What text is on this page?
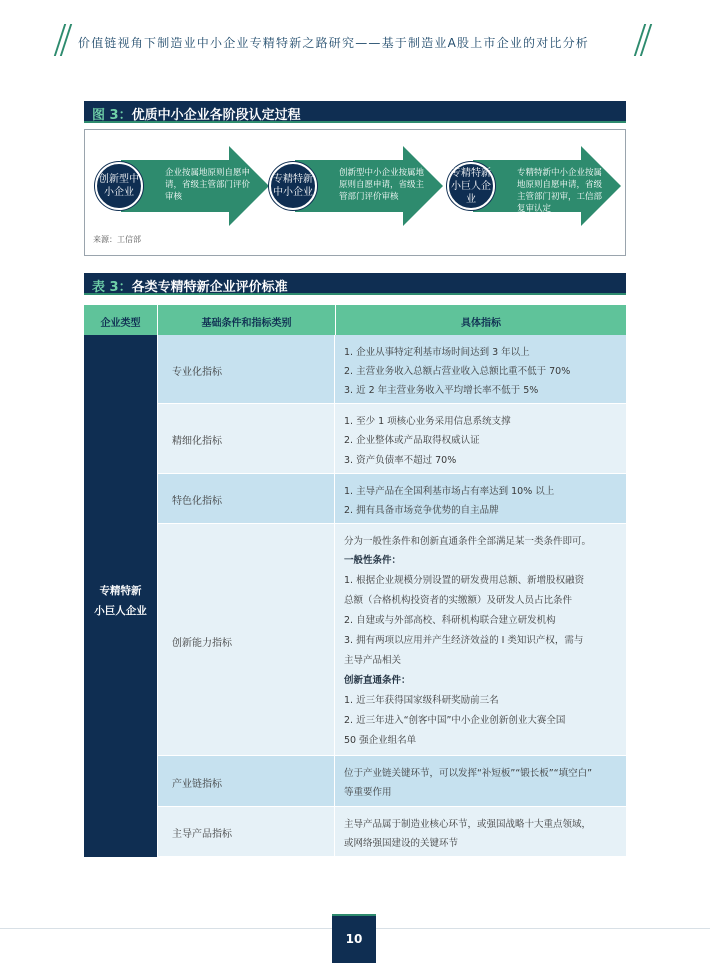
价值链视角下制造业中小企业专精特新之路研究——基于制造业A股上市企业的对比分析
图 3：优质中小企业各阶段认定过程
企业按属地原则自愿申请，省级主管部门评价审核
创新型中小企业
创新型中小企业按属地原则自愿申请，省级主管部门评价审核
专精特新中小企业
专精特新中小企业按属地原则自愿申请，省级主管部门初审，工信部复审认定
专精特新小巨人企业
来源：工信部
表 3：各类专精特新企业评价标准
企业类型	基础条件和指标类别	具体指标
专精特新
小巨人企业
专业化指标

1. 企业从事特定利基市场时间达到 3 年以上

2. 主营业务收入总额占营业收入总额比重不低于 70%

3. 近 2 年主营业务收入平均增长率不低于 5%

精细化指标

1. 至少 1 项核心业务采用信息系统支撑

2. 企业整体或产品取得权威认证

3. 资产负债率不超过 70%

特色化指标

1. 主导产品在全国利基市场占有率达到 10% 以上

2. 拥有具备市场竞争优势的自主品牌

创新能力指标

分为一般性条件和创新直通条件全部满足某一类条件即可。

一般性条件：

1. 根据企业规模分别设置的研发费用总额、新增股权融资

总额（合格机构投资者的实缴额）及研发人员占比条件

2. 自建或与外部高校、科研机构联合建立研发机构

3. 拥有两项以应用并产生经济效益的 I 类知识产权，需与

主导产品相关

创新直通条件：

1. 近三年获得国家级科研奖励前三名

2. 近三年进入“创客中国”中小企业创新创业大赛全国

50 强企业组名单

产业链指标

位于产业链关键环节，可以发挥“补短板”“锻长板”“填空白”

等重要作用

主导产品指标

主导产品属于制造业核心环节，或强国战略十大重点领域，

或网络强国建设的关键环节

10
